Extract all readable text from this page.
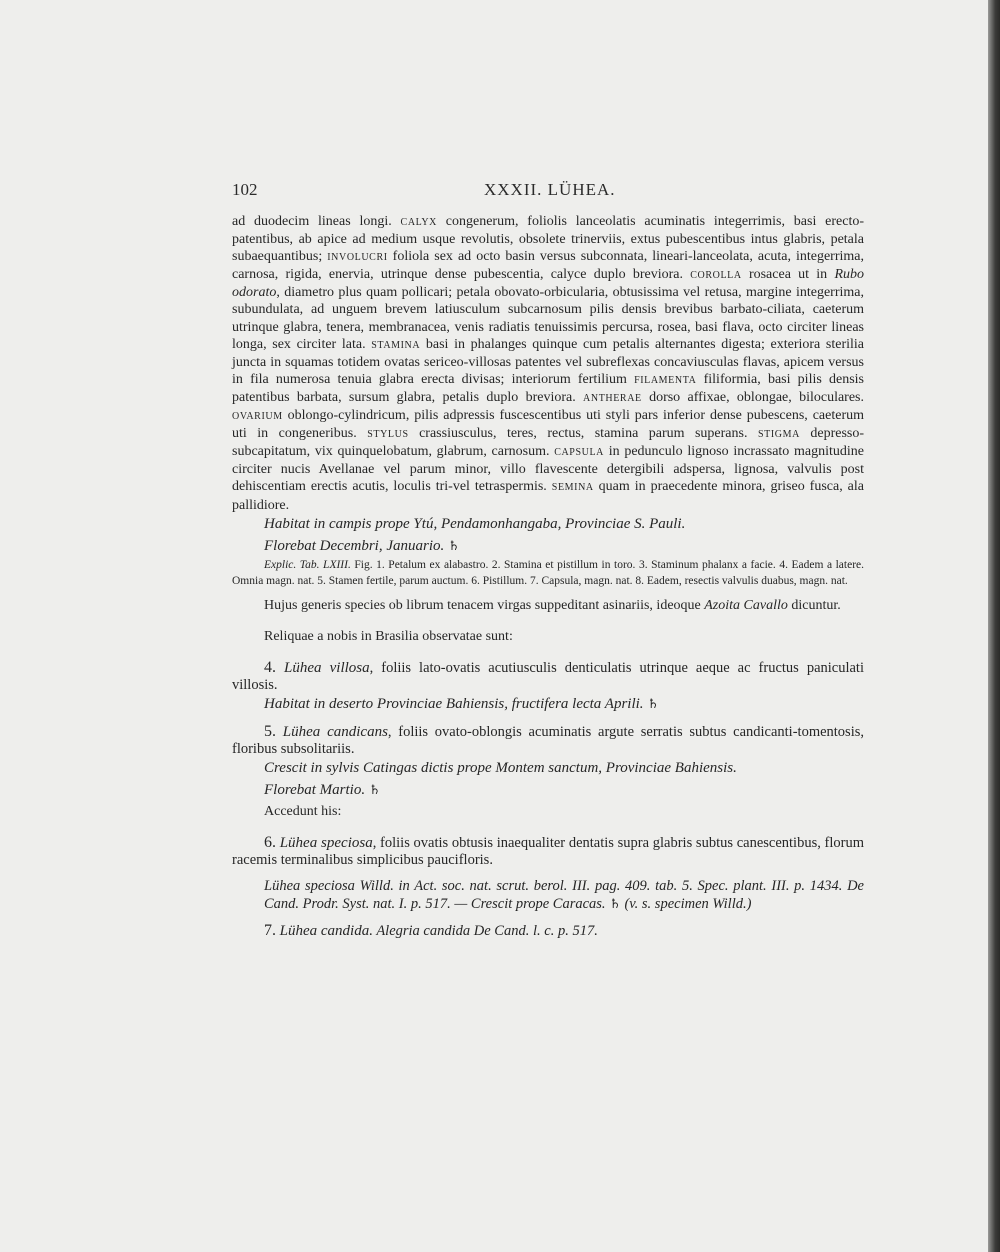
102	XXXII. LÜHEA.

ad duodecim lineas longi. CALYX congenerum, foliolis lanceolatis acuminatis integerrimis, basi erecto-patentibus, ab apice ad medium usque revolutis, obsolete trinerviis, extus pubescentibus intus glabris, petala subaequantibus; INVOLUCRI foliola sex ad octo basin versus subconnata, lineari-lanceolata, acuta, integerrima, carnosa, rigida, enervia, utrinque dense pubescentia, calyce duplo breviora. COROLLA rosacea ut in Rubo odorato, diametro plus quam pollicari; petala obovato-orbicularia, obtusissima vel retusa, margine integerrima, subundulata, ad unguem brevem latiusculum subcarnosum pilis densis brevibus barbato-ciliata, caeterum utrinque glabra, tenera, membranacea, venis radiatis tenuissimis percursa, rosea, basi flava, octo circiter lineas longa, sex circiter lata. STAMINA basi in phalanges quinque cum petalis alternantes digesta; exteriora sterilia juncta in squamas totidem ovatas sericeo-villosas patentes vel subreflexas concaviusculas flavas, apicem versus in fila numerosa tenuia glabra erecta divisas; interiorum fertilium FILAMENTA filiformia, basi pilis densis patentibus barbata, sursum glabra, petalis duplo breviora. ANTHERAE dorso affixae, oblongae, biloculares. OVARIUM oblongo-cylindricum, pilis adpressis fuscescentibus uti styli pars inferior dense pubescens, caeterum uti in congeneribus. STYLUS crassiusculus, teres, rectus, stamina parum superans. STIGMA depresso-subcapitatum, vix quinquelobatum, glabrum, carnosum. CAPSULA in pedunculo lignoso incrassato magnitudine circiter nucis Avellanae vel parum minor, villo flavescente detergibili adspersa, lignosa, valvulis post dehiscentiam erectis acutis, loculis tri-vel tetraspermis. SEMINA quam in praecedente minora, griseo fusca, ala pallidiore.

Habitat in campis prope Ytú, Pendamonhangaba, Provinciae S. Pauli.

Florebat Decembri, Januario. ♄

Explic. Tab. LXIII. Fig. 1. Petalum ex alabastro. 2. Stamina et pistillum in toro. 3. Staminum phalanx a facie. 4. Eadem a latere. Omnia magn. nat. 5. Stamen fertile, parum auctum. 6. Pistillum. 7. Capsula, magn. nat. 8. Eadem, resectis valvulis duabus, magn. nat.

Hujus generis species ob librum tenacem virgas suppeditant asinariis, ideoque Azoita Cavallo dicuntur.

Reliquae a nobis in Brasilia observatae sunt:

4. Lühea villosa, foliis lato-ovatis acutiusculis denticulatis utrinque aeque ac fructus paniculati villosis.

Habitat in deserto Provinciae Bahiensis, fructifera lecta Aprili. ♄

5. Lühea candicans, foliis ovato-oblongis acuminatis argute serratis subtus candicanti-tomentosis, floribus subsolitariis.

Crescit in sylvis Catingas dictis prope Montem sanctum, Provinciae Bahiensis.

Florebat Martio. ♄

Accedunt his:

6. Lühea speciosa, foliis ovatis obtusis inaequaliter dentatis supra glabris subtus canescentibus, florum racemis terminalibus simplicibus paucifloris.

Lühea speciosa Willd. in Act. soc. nat. scrut. berol. III. pag. 409. tab. 5. Spec. plant. III. p. 1434. De Cand. Prodr. Syst. nat. I. p. 517. — Crescit prope Caracas. ♄ (v. s. specimen Willd.)

7. Lühea candida. Alegria candida De Cand. l. c. p. 517.
